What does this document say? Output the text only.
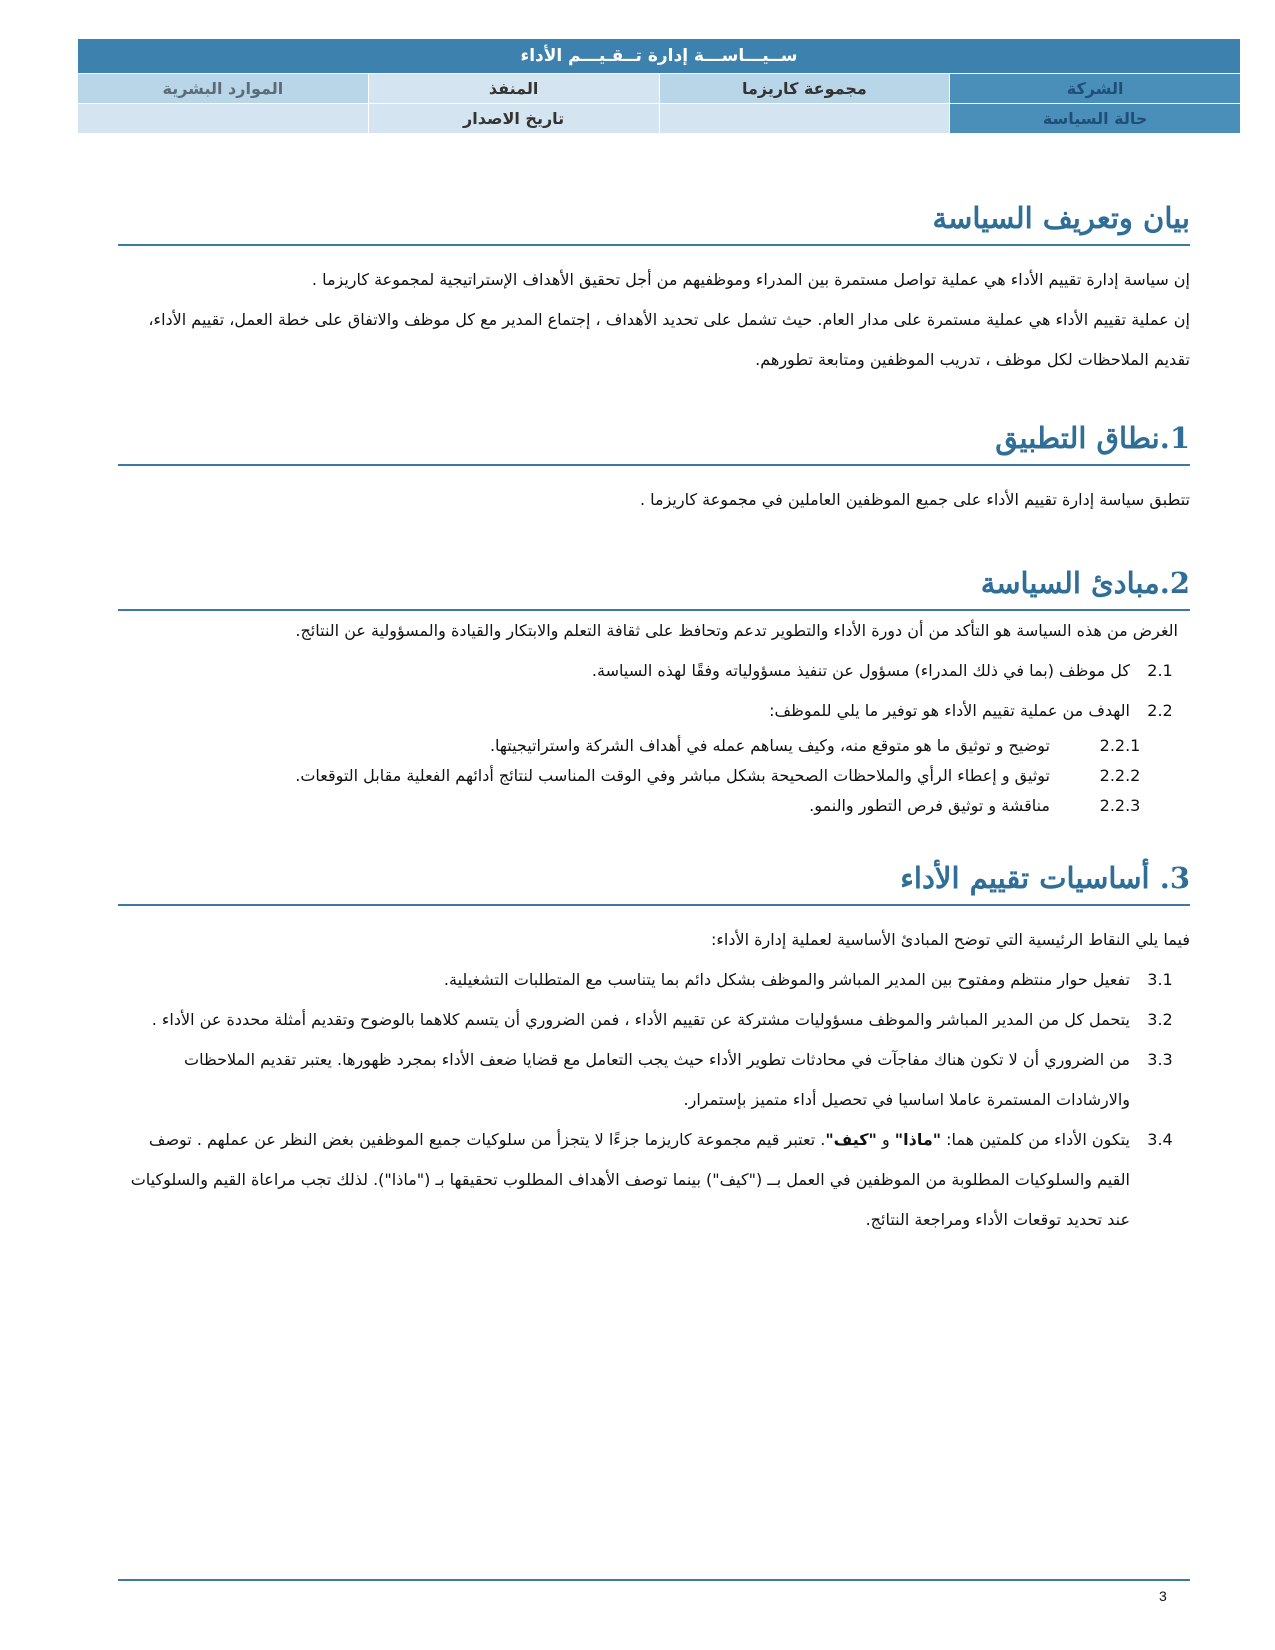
ســيـــاســـة إدارة تــقـيـــم الأداء			
الشركة	مجموعة كاريزما	المنفذ	الموارد البشرية
حالة السياسة		تاريخ الاصدار	
بيان وتعريف السياسة
إن سياسة إدارة تقييم الأداء هي عملية تواصل مستمرة بين المدراء وموظفيهم من أجل تحقيق الأهداف الإستراتيجية لمجموعة كاريزما .
إن عملية تقييم الأداء هي عملية مستمرة على مدار العام. حيث تشمل على تحديد الأهداف ، إجتماع المدير مع كل موظف والاتفاق على خطة العمل، تقييم الأداء، تقديم الملاحظات لكل موظف ، تدريب الموظفين ومتابعة تطورهم.
1.نطاق التطبيق
تتطبق سياسة إدارة تقييم الأداء على جميع الموظفين العاملين في مجموعة كاريزما .
2.مبادئ السياسة
الغرض من هذه السياسة هو التأكد من أن دورة الأداء والتطوير تدعم وتحافظ على ثقافة التعلم والابتكار والقيادة والمسؤولية عن النتائج.
2.1
كل موظف (بما في ذلك المدراء) مسؤول عن تنفيذ مسؤولياته وفقًا لهذه السياسة.
2.2
الهدف من عملية تقييم الأداء هو توفير ما يلي للموظف:
2.2.1
توضيح و توثيق ما هو متوقع منه، وكيف يساهم عمله في أهداف الشركة واستراتيجيتها.
2.2.2
توثيق و إعطاء الرأي والملاحظات الصحيحة بشكل مباشر وفي الوقت المناسب لنتائج أدائهم الفعلية مقابل التوقعات.
2.2.3
مناقشة و توثيق فرص التطور والنمو.
3. أساسيات تقييم الأداء
فيما يلي النقاط الرئيسية التي توضح المبادئ الأساسية لعملية إدارة الأداء:
3.1
تفعيل حوار منتظم ومفتوح بين المدير المباشر والموظف بشكل دائم بما يتناسب مع المتطلبات التشغيلية.
3.2
يتحمل كل من المدير المباشر والموظف مسؤوليات مشتركة عن تقييم الأداء ، فمن الضروري أن يتسم كلاهما بالوضوح وتقديم أمثلة محددة عن الأداء .
3.3
من الضروري أن لا تكون هناك مفاجآت في محادثات تطوير الأداء حيث يجب التعامل مع قضايا ضعف الأداء بمجرد ظهورها. يعتبر تقديم الملاحظات والارشادات المستمرة عاملا اساسيا في تحصيل أداء متميز بإستمرار.
3.4
يتكون الأداء من كلمتين هما: "ماذا" و "كيف". تعتبر قيم مجموعة كاريزما جزءًا لا يتجزأ من سلوكيات جميع الموظفين بغض النظر عن عملهم . توصف القيم والسلوكيات المطلوبة من الموظفين في العمل بــ ("كيف") بينما توصف الأهداف المطلوب تحقيقها بـ ("ماذا"). لذلك تجب مراعاة القيم والسلوكيات عند تحديد توقعات الأداء ومراجعة النتائج.
3
